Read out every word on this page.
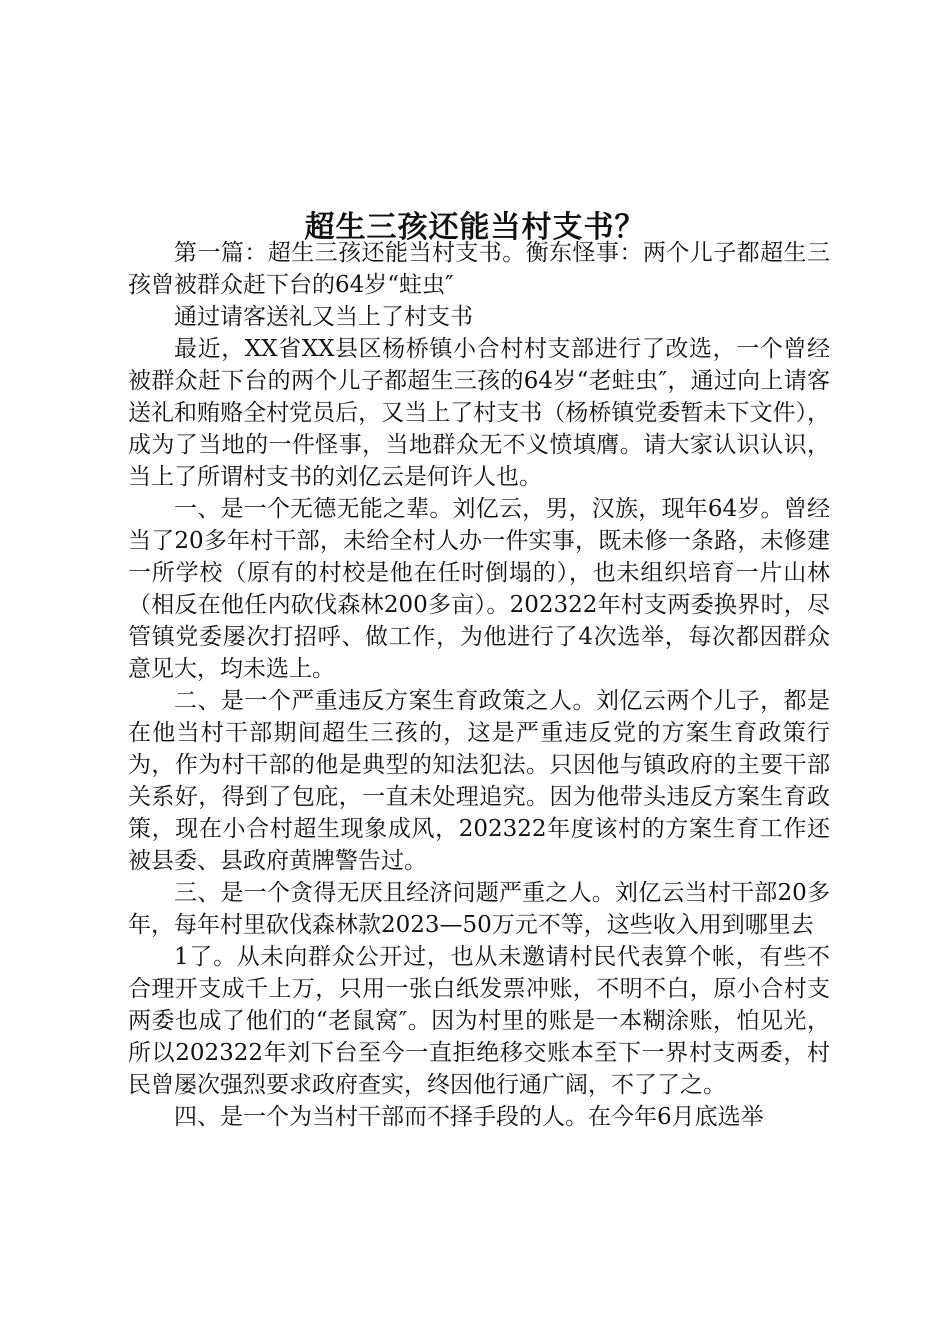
超生三孩还能当村支书？

第一篇：超生三孩还能当村支书。衡东怪事：两个儿子都超生三孩曾被群众赶下台的64岁“蛀虫″

通过请客送礼又当上了村支书

最近，XX省XX县区杨桥镇小合村村支部进行了改选，一个曾经被群众赶下台的两个儿子都超生三孩的64岁“老蛀虫″，通过向上请客送礼和贿赂全村党员后，又当上了村支书（杨桥镇党委暂未下文件），成为了当地的一件怪事，当地群众无不义愤填膺。请大家认识认识，当上了所谓村支书的刘亿云是何许人也。

一、是一个无德无能之辈。刘亿云，男，汉族，现年64岁。曾经当了20多年村干部，未给全村人办一件实事，既未修一条路，未修建一所学校（原有的村校是他在任时倒塌的），也未组织培育一片山林（相反在他任内砍伐森林200多亩）。202322年村支两委换界时，尽管镇党委屡次打招呼、做工作，为他进行了4次选举，每次都因群众意见大，均未选上。

二、是一个严重违反方案生育政策之人。刘亿云两个儿子，都是在他当村干部期间超生三孩的，这是严重违反党的方案生育政策行为，作为村干部的他是典型的知法犯法。只因他与镇政府的主要干部关系好，得到了包庇，一直未处理追究。因为他带头违反方案生育政策，现在小合村超生现象成风，202322年度该村的方案生育工作还被县委、县政府黄牌警告过。

三、是一个贪得无厌且经济问题严重之人。刘亿云当村干部20多年，每年村里砍伐森林款2023—50万元不等，这些收入用到哪里去

1了。从未向群众公开过，也从未邀请村民代表算个帐，有些不合理开支成千上万，只用一张白纸发票冲账，不明不白，原小合村支两委也成了他们的“老鼠窝″。因为村里的账是一本糊涂账，怕见光，所以202322年刘下台至今一直拒绝移交账本至下一界村支两委，村民曾屡次强烈要求政府查实，终因他行通广阔，不了了之。

四、是一个为当村干部而不择手段的人。在今年6月底选举
